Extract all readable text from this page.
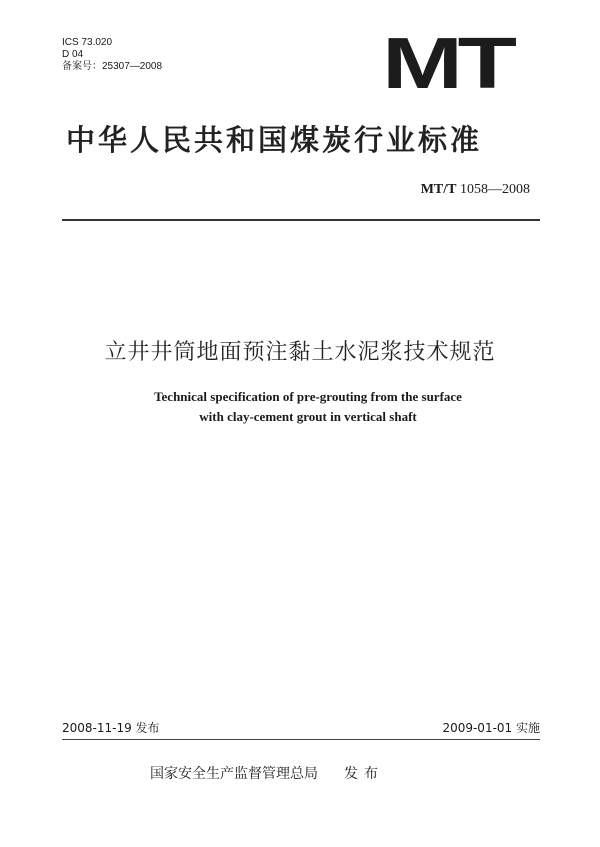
ICS 73.020
D 04
备案号：25307—2008	MT
中华人民共和国煤炭行业标准
MT/T 1058—2008
立井井筒地面预注黏土水泥浆技术规范
Technical specification of pre-grouting from the surface
with clay-cement grout in vertical shaft
2008-11-19 发布	2009-01-01 实施
国家安全生产监督管理总局 发布
